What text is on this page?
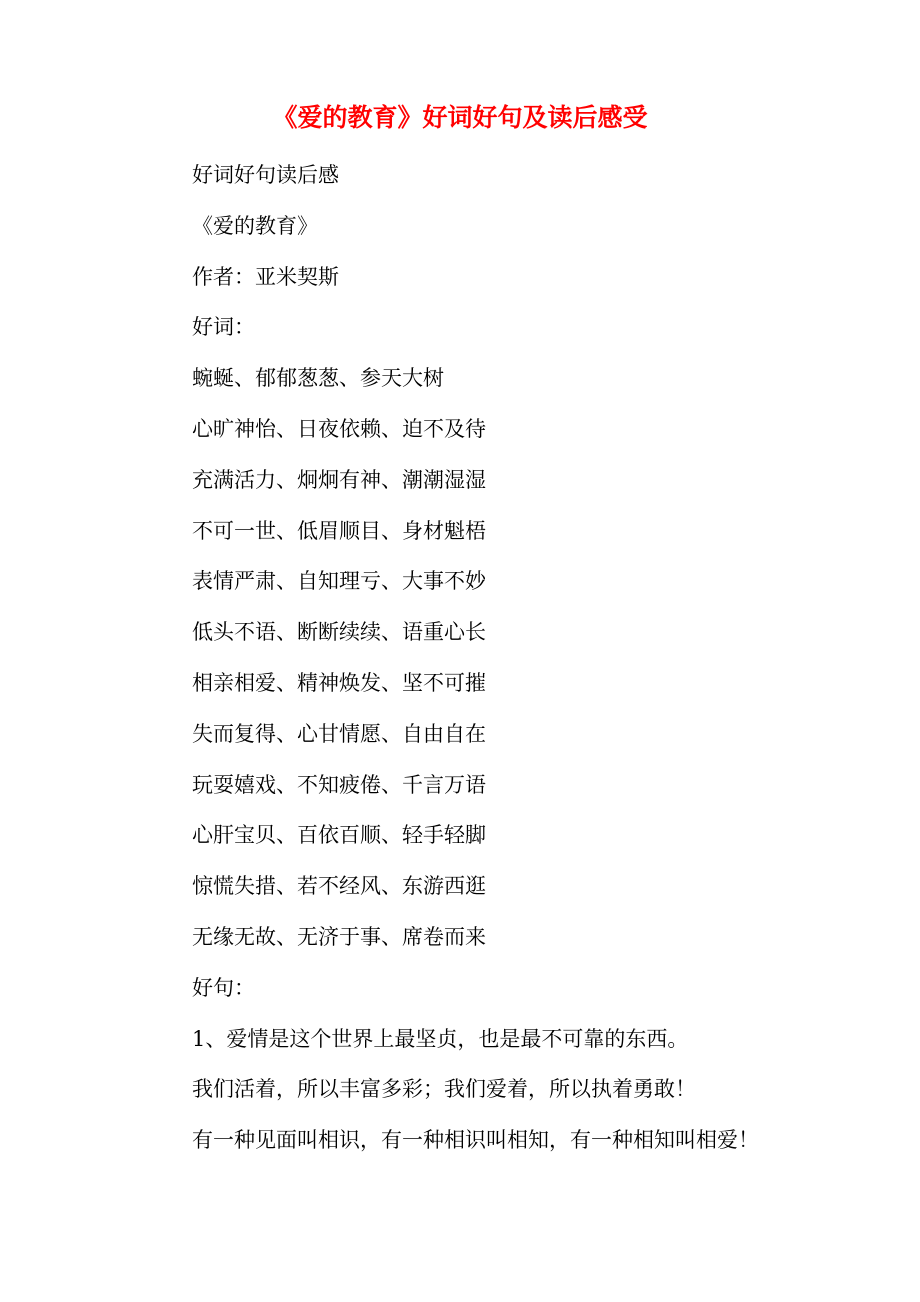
《爱的教育》好词好句及读后感受
好词好句读后感
《爱的教育》
作者：亚米契斯
好词：
蜿蜒、郁郁葱葱、参天大树
心旷神怡、日夜依赖、迫不及待
充满活力、炯炯有神、潮潮湿湿
不可一世、低眉顺目、身材魁梧
表情严肃、自知理亏、大事不妙
低头不语、断断续续、语重心长
相亲相爱、精神焕发、坚不可摧
失而复得、心甘情愿、自由自在
玩耍嬉戏、不知疲倦、千言万语
心肝宝贝、百依百顺、轻手轻脚
惊慌失措、若不经风、东游西逛
无缘无故、无济于事、席卷而来
好句：
1、爱情是这个世界上最坚贞，也是最不可靠的东西。
我们活着，所以丰富多彩；我们爱着，所以执着勇敢！
有一种见面叫相识，有一种相识叫相知，有一种相知叫相爱！
